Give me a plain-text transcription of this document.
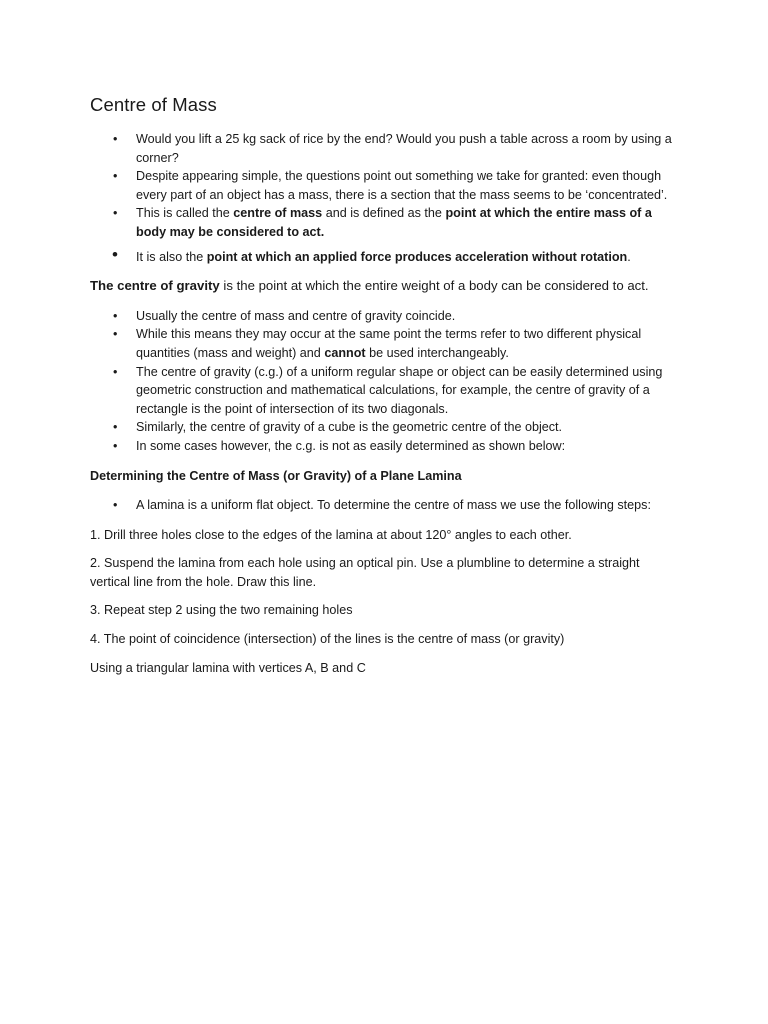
Centre of Mass
• Would you lift a 25 kg sack of rice by the end? Would you push a table across a room by using a corner?
• Despite appearing simple, the questions point out something we take for granted: even though every part of an object has a mass, there is a section that the mass seems to be ‘concentrated’.
• This is called the centre of mass and is defined as the point at which the entire mass of a body may be considered to act.
• It is also the point at which an applied force produces acceleration without rotation.

The centre of gravity is the point at which the entire weight of a body can be considered to act.

• Usually the centre of mass and centre of gravity coincide.
• While this means they may occur at the same point the terms refer to two different physical quantities (mass and weight) and cannot be used interchangeably.
• The centre of gravity (c.g.) of a uniform regular shape or object can be easily determined using geometric construction and mathematical calculations, for example, the centre of gravity of a rectangle is the point of intersection of its two diagonals.
• Similarly, the centre of gravity of a cube is the geometric centre of the object.
• In some cases however, the c.g. is not as easily determined as shown below:

Determining the Centre of Mass (or Gravity) of a Plane Lamina

• A lamina is a uniform flat object. To determine the centre of mass we use the following steps:

1. Drill three holes close to the edges of the lamina at about 120° angles to each other.

2. Suspend the lamina from each hole using an optical pin. Use a plumbline to determine a straight vertical line from the hole. Draw this line.

3. Repeat step 2 using the two remaining holes

4. The point of coincidence (intersection) of the lines is the centre of mass (or gravity)

Using a triangular lamina with vertices A, B and C
